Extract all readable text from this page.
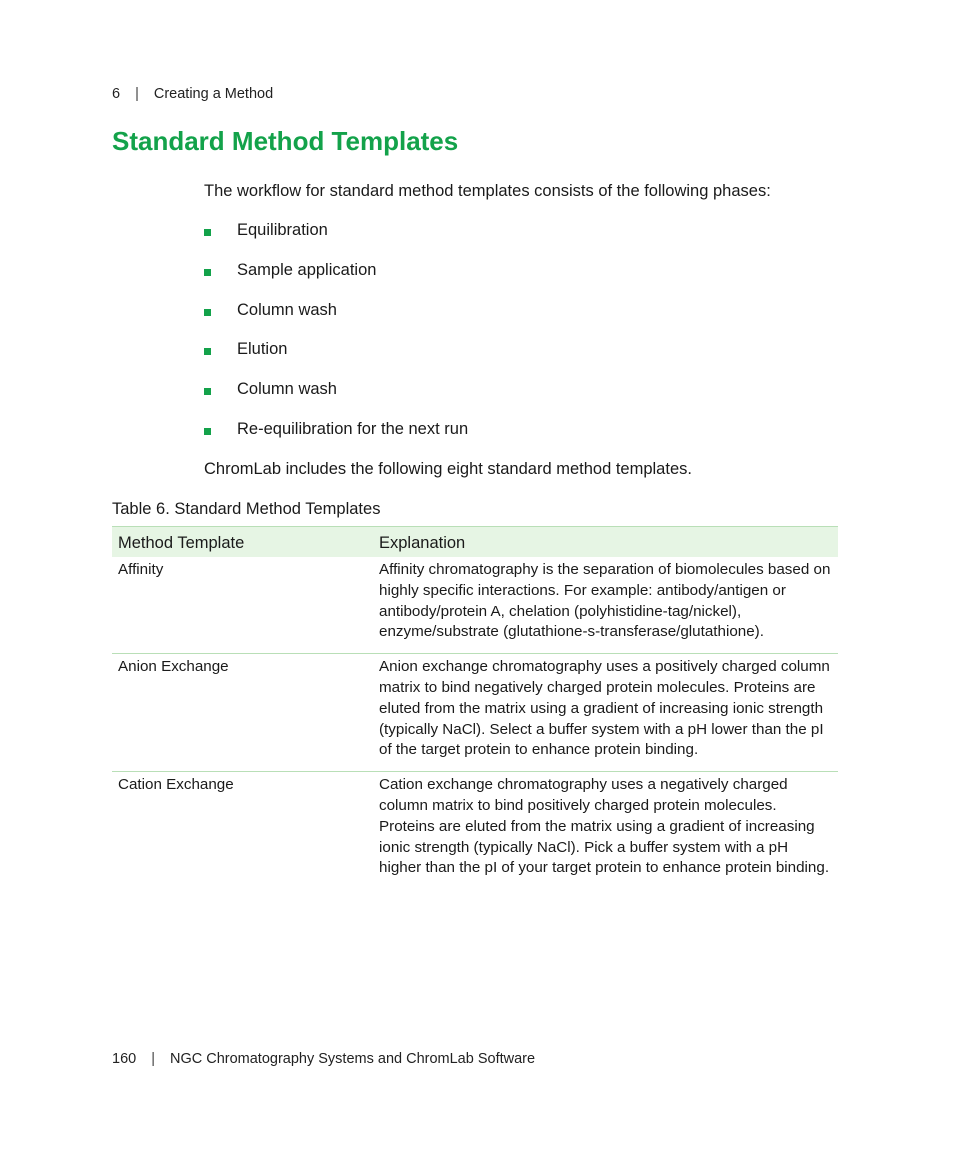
6 | Creating a Method
Standard Method Templates

The workflow for standard method templates consists of the following phases:

Equilibration
Sample application
Column wash
Elution
Column wash
Re-equilibration for the next run

ChromLab includes the following eight standard method templates.

Table 6. Standard Method Templates
Method Template	Explanation
Affinity	Affinity chromatography is the separation of biomolecules based on highly specific interactions. For example: antibody/antigen or antibody/protein A, chelation (polyhistidine-tag/nickel), enzyme/substrate (glutathione-s-transferase/glutathione).
Anion Exchange	Anion exchange chromatography uses a positively charged column matrix to bind negatively charged protein molecules. Proteins are eluted from the matrix using a gradient of increasing ionic strength (typically NaCl). Select a buffer system with a pH lower than the pI of the target protein to enhance protein binding.
Cation Exchange	Cation exchange chromatography uses a negatively charged column matrix to bind positively charged protein molecules. Proteins are eluted from the matrix using a gradient of increasing ionic strength (typically NaCl). Pick a buffer system with a pH higher than the pI of your target protein to enhance protein binding.
160 | NGC Chromatography Systems and ChromLab Software
